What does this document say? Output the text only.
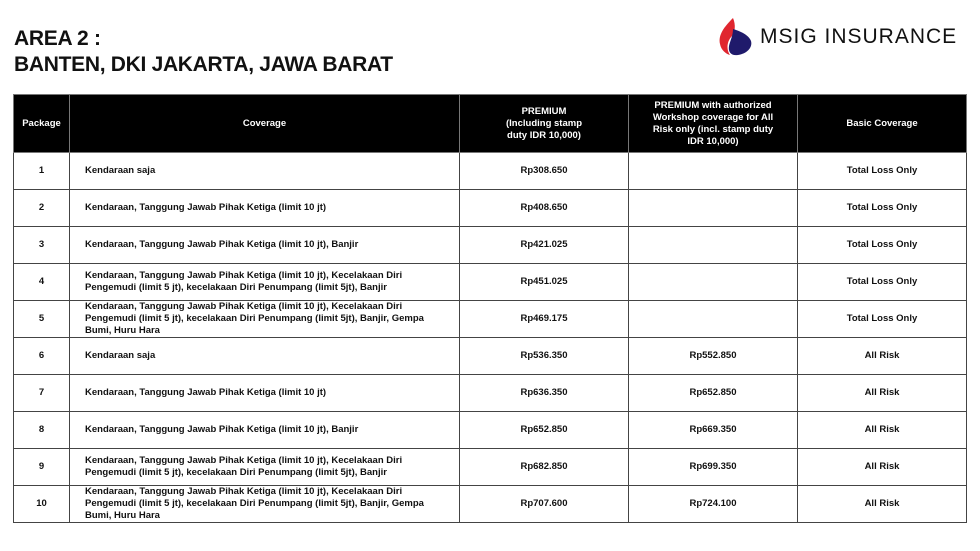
AREA 2 :
BANTEN, DKI JAKARTA, JAWA BARAT
MSIG INSURANCE
Package	Coverage	PREMIUM (Including stamp duty IDR 10,000)	PREMIUM with authorized Workshop coverage for All Risk only (incl. stamp duty IDR 10,000)	Basic Coverage
1	Kendaraan saja	Rp308.650		Total Loss Only
2	Kendaraan, Tanggung Jawab Pihak Ketiga (limit 10 jt)	Rp408.650		Total Loss Only
3	Kendaraan, Tanggung Jawab Pihak Ketiga (limit 10 jt), Banjir	Rp421.025		Total Loss Only
4	Kendaraan, Tanggung Jawab Pihak Ketiga (limit 10 jt), Kecelakaan Diri Pengemudi (limit 5 jt), kecelakaan Diri Penumpang (limit 5jt), Banjir	Rp451.025		Total Loss Only
5	Kendaraan, Tanggung Jawab Pihak Ketiga (limit 10 jt), Kecelakaan Diri Pengemudi (limit 5 jt), kecelakaan Diri Penumpang (limit 5jt), Banjir, Gempa Bumi, Huru Hara	Rp469.175		Total Loss Only
6	Kendaraan saja	Rp536.350	Rp552.850	All Risk
7	Kendaraan, Tanggung Jawab Pihak Ketiga (limit 10 jt)	Rp636.350	Rp652.850	All Risk
8	Kendaraan, Tanggung Jawab Pihak Ketiga (limit 10 jt), Banjir	Rp652.850	Rp669.350	All Risk
9	Kendaraan, Tanggung Jawab Pihak Ketiga (limit 10 jt), Kecelakaan Diri Pengemudi (limit 5 jt), kecelakaan Diri Penumpang (limit 5jt), Banjir	Rp682.850	Rp699.350	All Risk
10	Kendaraan, Tanggung Jawab Pihak Ketiga (limit 10 jt), Kecelakaan Diri Pengemudi (limit 5 jt), kecelakaan Diri Penumpang (limit 5jt), Banjir, Gempa Bumi, Huru Hara	Rp707.600	Rp724.100	All Risk
